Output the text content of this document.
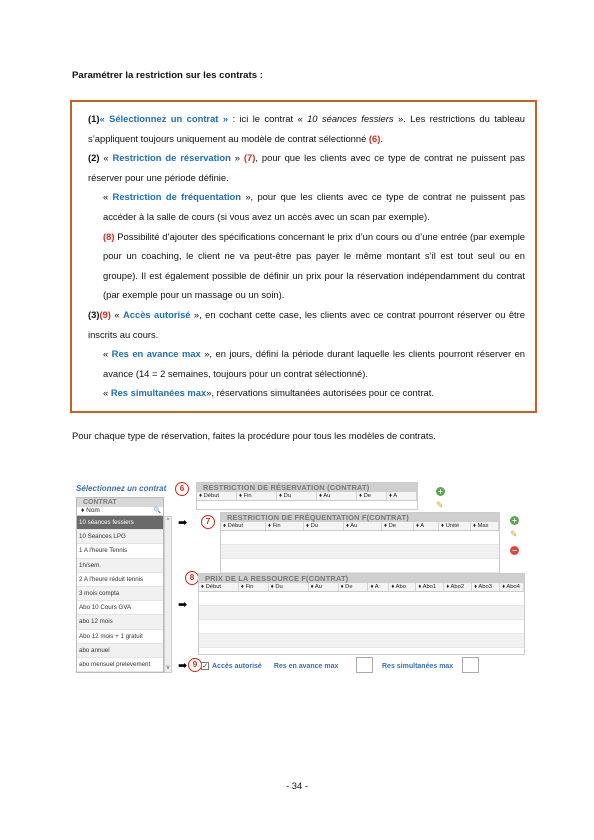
Paramétrer la restriction sur les contrats :

(1)« Sélectionnez un contrat » : ici le contrat « 10 séances fessiers ». Les restrictions du tableau s’appliquent toujours uniquement au modèle de contrat sélectionné (6).

(2) « Restriction de réservation » (7), pour que les clients avec ce type de contrat ne puissent pas réserver pour une période définie.

« Restriction de fréquentation », pour que les clients avec ce type de contrat ne puissent pas accéder à la salle de cours (si vous avez un accès avec un scan par exemple).

(8) Possibilité d’ajouter des spécifications concernant le prix d’un cours ou d’une entrée (par exemple pour un coaching, le client ne va peut-être pas payer le même montant s’il est tout seul ou en groupe). Il est également possible de définir un prix pour la réservation indépendamment du contrat (par exemple pour un massage ou un soin).

(3)(9) « Accès autorisé », en cochant cette case, les clients avec ce contrat pourront réserver ou être inscrits au cours.

« Res en avance max », en jours, défini la période durant laquelle les clients pourront réserver en avance (14 = 2 semaines, toujours pour un contrat sélectionné).

« Res simultanées max», réservations simultanées autorisées pour ce contrat.

Pour chaque type de réservation, faites la procédure pour tous les modèles de contrats.
Sélectionnez un contrat	6
CONTRAT
♦ Nom	🔍
10 séances fessiers
10 Seances LPG
1 A l'heure Tennis
1h/sem.
2 A l'heure réduit tennis
3 mois compta
Abo 10 Cours GVA
abo 12 mois
Abo 12 mois + 1 gratuit
abo annuel
abo mensuel prelevement
^
v
➡
➡
➡
RESTRICTION DE RÉSERVATION (CONTRAT)
♦ Début	♦ Fin	♦ Du	♦ Au	♦ De	♦ A	+
✎
7	RESTRICTION DE FRÉQUENTATION F(CONTRAT)
♦ Début	♦ Fin	♦ Du	♦ Au	♦ De	♦ A	♦ Unité	♦ Max
+
✎
−
8	PRIX DE LA RESSOURCE F(CONTRAT)
♦ Début	♦ Fin	♦ Du	♦ Au	♦ De	♦ A	♦ Abo	♦ Abo1	♦ Abo2	♦ Abo3	♦ Abo4
9 ✓ Accès autorisé Res en avance max	Res simultanées max
- 34 -
